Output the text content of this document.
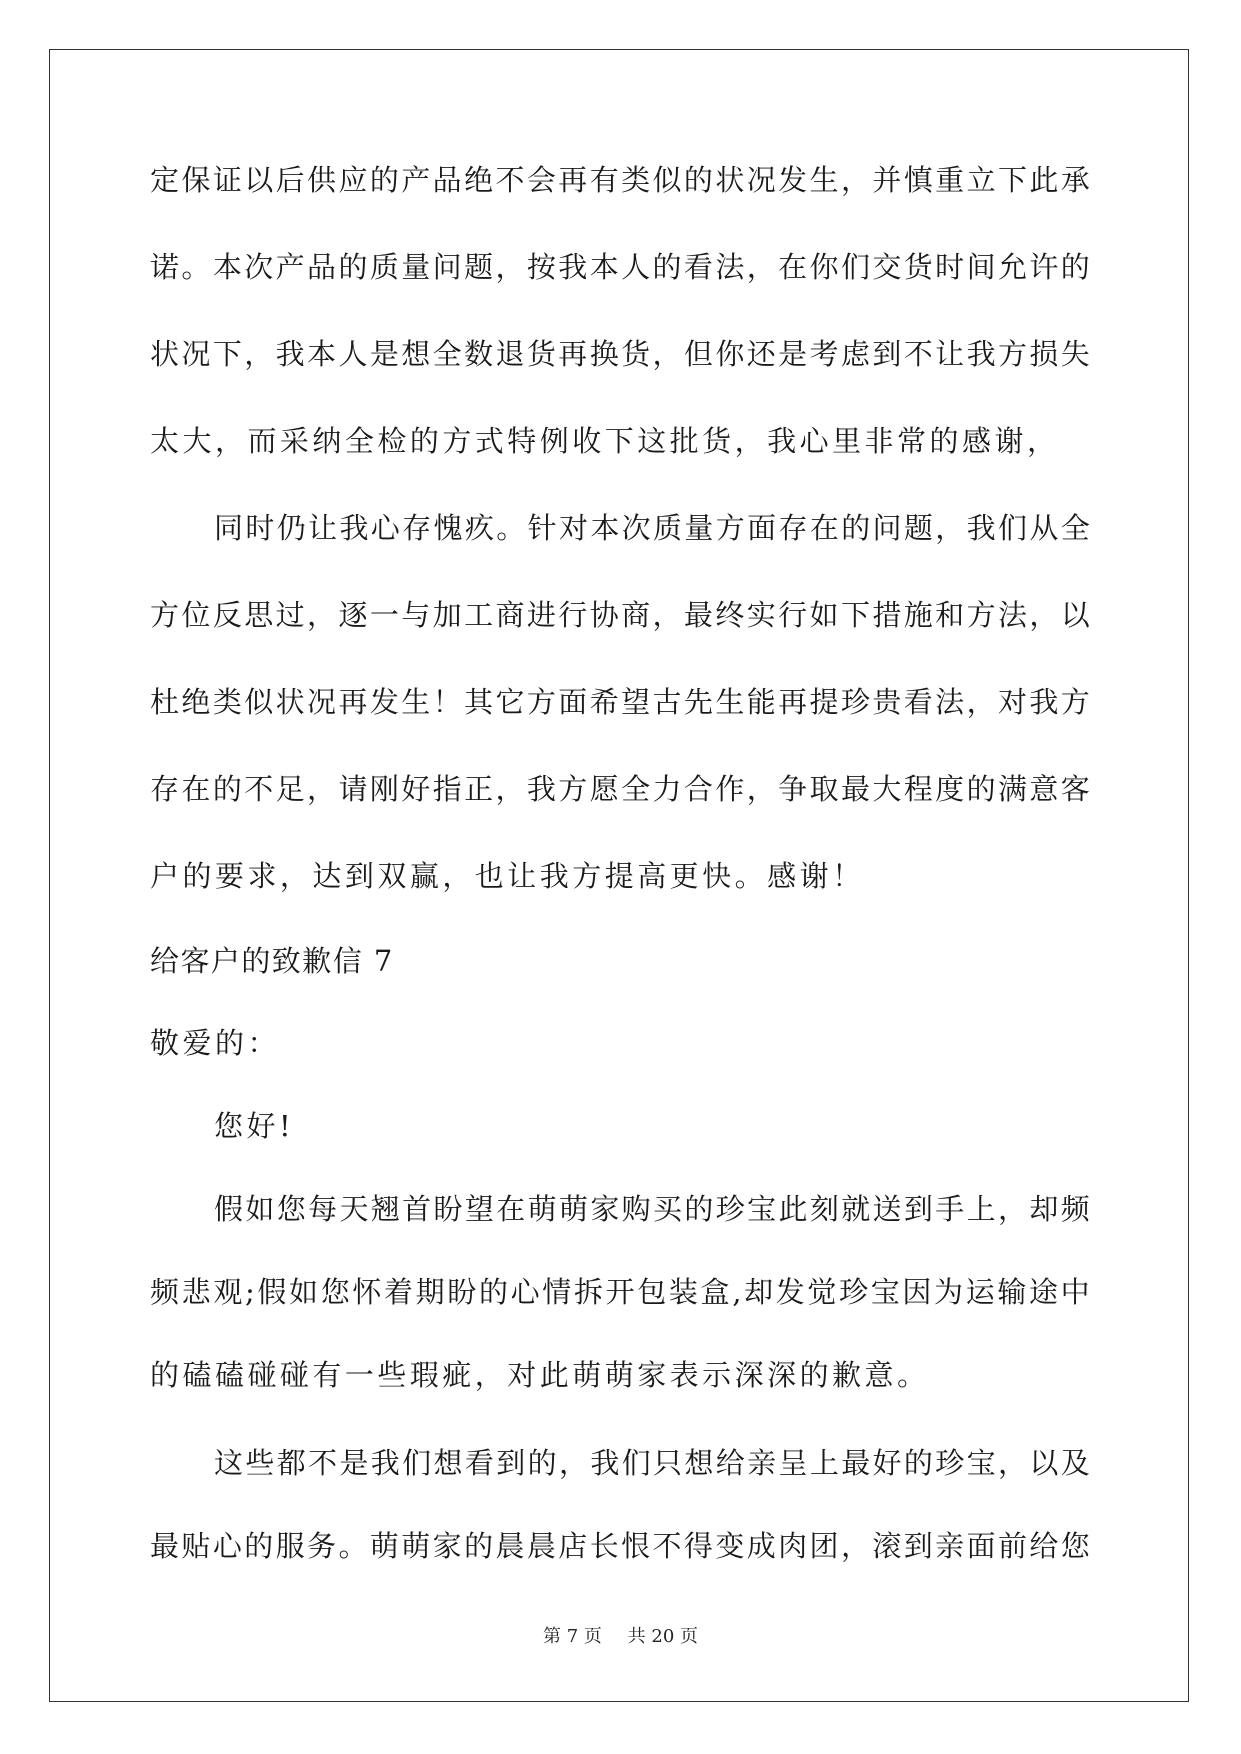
定 保 证 以 后 供 应 的 产 品 绝 不 会 再 有 类 似 的 状 况 发 生 ， 并 慎 重 立 下 此 承
诺 。 本 次 产 品 的 质 量 问 题 ， 按 我 本 人 的 看 法 ， 在 你 们 交 货 时 间 允 许 的
状 况 下 ， 我 本 人 是 想 全 数 退 货 再 换 货 ， 但 你 还 是 考 虑 到 不 让 我 方 损 失
太大，而采纳全检的方式特例收下这批货，我心里非常的感谢，
同 时 仍 让 我 心 存 愧 疚 。 针 对 本 次 质 量 方 面 存 在 的 问 题 ， 我 们 从 全
方 位 反 思 过 ， 逐 一 与 加 工 商 进 行 协 商 ， 最 终 实 行 如 下 措 施 和 方 法 ， 以
杜 绝 类 似 状 况 再 发 生 ！ 其 它 方 面 希 望 古 先 生 能 再 提 珍 贵 看 法 ， 对 我 方
存 在 的 不 足 ， 请 刚 好 指 正 ， 我 方 愿 全 力 合 作 ， 争 取 最 大 程 度 的 满 意 客
户的要求，达到双赢，也让我方提高更快。感谢！
给客户的致歉信 7
敬爱的：
您好!
假 如 您 每 天 翘 首 盼 望 在 萌 萌 家 购 买 的 珍 宝 此 刻 就 送 到 手 上 ， 却 频
频 悲 观 ; 假 如 您 怀 着 期 盼 的 心 情 拆 开 包 装 盒 , 却 发 觉 珍 宝 因 为 运 输 途 中
的磕磕碰碰有一些瑕疵，对此萌萌家表示深深的歉意。
这 些 都 不 是 我 们 想 看 到 的 ， 我 们 只 想 给 亲 呈 上 最 好 的 珍 宝 ， 以 及
最 贴 心 的 服 务 。 萌 萌 家 的 晨 晨 店 长 恨 不 得 变 成 肉 团 ， 滚 到 亲 面 前 给 您
第 7 页 共 20 页
